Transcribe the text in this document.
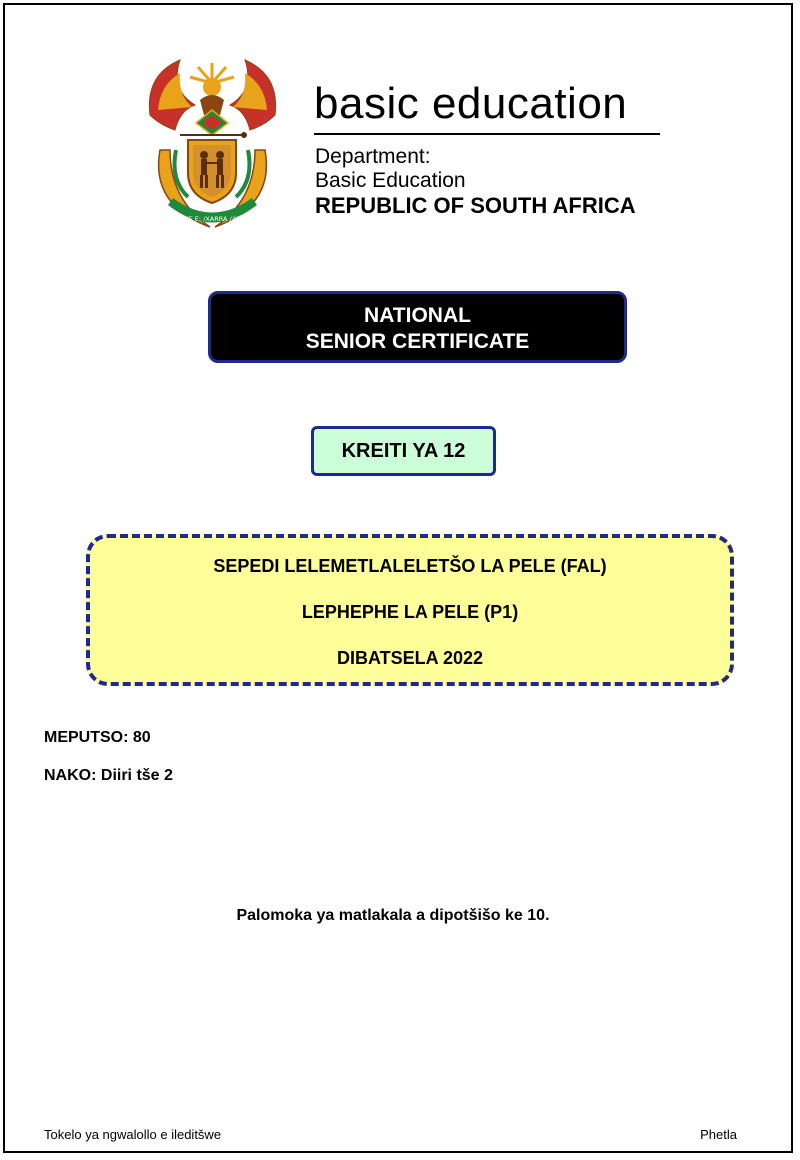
!KE E: /XARRA //KE
basic education
Department:
Basic Education
REPUBLIC OF SOUTH AFRICA
NATIONAL
SENIOR CERTIFICATE
KREITI YA 12
SEPEDI LELEMETLALELETŠO LA PELE (FAL)
LEPHEPHE LA PELE (P1)
DIBATSELA 2022
MEPUTSO: 80
NAKO: Diiri tše 2
Palomoka ya matlakala a dipotšišo ke 10.
Tokelo ya ngwalollo e ileditšwe	Phetla
